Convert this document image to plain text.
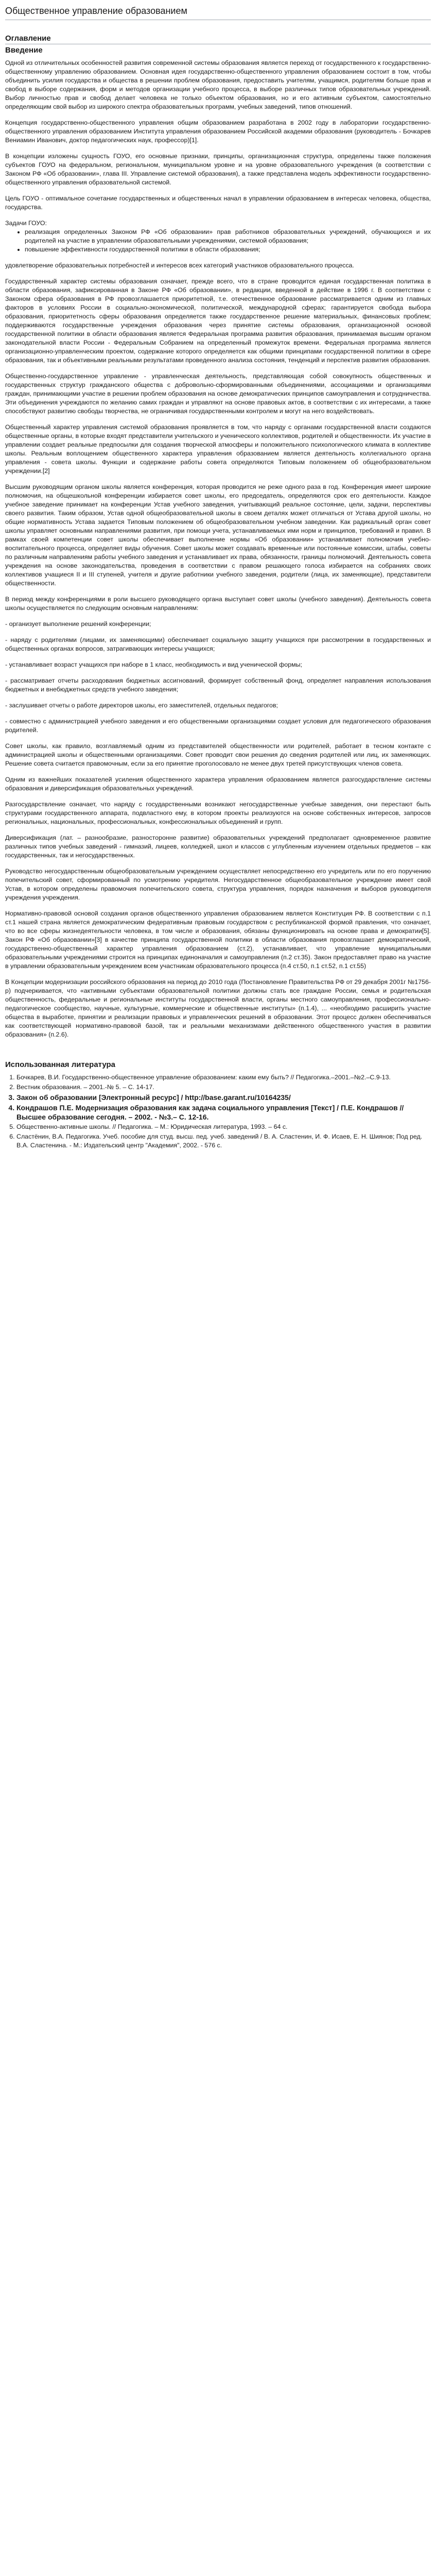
Общественное управление образованием
Оглавление
Введение

Одной из отличительных особенностей развития современной системы образования является переход от государственного к государственно-общественному управлению образованием. Основная идея государственно-общественного управления образованием состоит в том, чтобы объединить усилия государства и общества в решении проблем образования, предоставить учителям, учащимся, родителям больше прав и свобод в выборе содержания, форм и методов организации учебного процесса, в выборе различных типов образовательных учреждений. Выбор личностью прав и свобод делает человека не только объектом образования, но и его активным субъектом, самостоятельно определяющим свой выбор из широкого спектра образовательных программ, учебных заведений, типов отношений.

Концепция государственно-общественного управления общим образованием разработана в 2002 году в лаборатории государственно-общественного управления образованием Институтa управления образованием Российской академии образования (руководитель - Бочкарев Вениамин Иванович, доктор педагогических наук, профессор)[1].

В концепции изложены сущность ГОУО, его основные признаки, принципы, организационная структура, определены также положения субъектов ГОУО на федеральном, региональном, муниципальном уровне и на уровне образовательного учреждения (в соответствии с Законом РФ «Об образовании», глава III. Управление системой образования), а также представлена модель эффективности государственно-общественного управления образовательной системой.

Цель ГОУО - оптимальное сочетание государственных и общественных начал в управлении образованием в интересах человека, общества, государства.

Задачи ГОУО:

• реализация определенных Законом РФ «Об образовании» прав работников образовательных учреждений, обучающихся и их родителей на участие в управлении образовательными учреждениями, системой образования;
• повышение эффективности государственной политики в области образования;

удовлетворение образовательных потребностей и интересов всех категорий участников образовательного процесса.

Государственный характер системы образования означает, прежде всего, что в стране проводится единая государственная политика в области образования, зафиксированная в Законе РФ «Об образовании», в редакции, введенной в действие в 1996 г. В соответствии с Законом сфера образования в РФ провозглашается приоритетной, т.е. отечественное образование рассматривается одним из главных факторов в условиях России в социально-экономической, политической, международной сферах; гарантируется свобода выбора образования, приоритетность сферы образования определяется также государственное решение материальных, финансовых проблем; поддерживаются государственные учреждения образования через принятие системы образования, организационной основой государственной политики в области образования является Федеральная программа развития образования, принимаемая высшим органом законодательной власти России - Федеральным Собранием на определенный промежуток времени. Федеральная программа является организационно-управленческим проектом, содержание которого определяется как общими принципами государственной политики в сфере образования, так и объективными реальными результатами проведенного анализа состояния, тенденций и перспектив развития образования.

Общественно-государственное управление - управленческая деятельность, представляющая собой совокупность общественных и государственных структур гражданского общества с добровольно-сформированными объединениями, ассоциациями и организациями граждан, принимающими участие в решении проблем образования на основе демократических принципов самоуправления и сотрудничества. Эти объединения учреждаются по желанию самих граждан и управляют на основе правовых актов, в соответствии с их интересами, а также способствуют развитию свободы творчества, не ограничивая государственными контролем и могут на него воздействовать.

Общественный характер управления системой образования проявляется в том, что наряду с органами государственной власти создаются общественные органы, в которые входят представители учительского и ученического коллективов, родителей и общественности. Их участие в управлении создает реальные предпосылки для создания творческой атмосферы и положительного психологического климата в коллективе школы. Реальным воплощением общественного характера управления образованием является деятельность коллегиального органа управления - совета школы. Функции и содержание работы совета определяются Типовым положением об общеобразовательном учреждении.[2]

Высшим руководящим органом школы является конференция, которая проводится не реже одного раза в год. Конференция имеет широкие полномочия, на общешкольной конференции избирается совет школы, его председатель, определяются срок его деятельности. Каждое учебное заведение принимает на конференции Устав учебного заведения, учитывающий реальное состояние, цели, задачи, перспективы своего развития. Таким образом, Устав одной общеобразовательной школы в своем деталях может отличаться от Устава другой школы, но общие нормативность Устава задается Типовым положением об общеобразовательном учебном заведении. Как радикальный орган совет школы управляет основными направлениями развития, при помощи учета, устанавливаемых ими норм и принципов, требований и правил. В рамках своей компетенции совет школы обеспечивает выполнение нормы «Об образовании» устанавливает полномочия учебно-воспитательного процесса, определяет виды обучения. Совет школы может создавать временные или постоянные комиссии, штабы, советы по различным направлениям работы учебного заведения и устанавливает их права, обязанности, границы полномочий. Деятельность совета учреждения на основе законодательства, проведения в соответствии с правом решающего голоса избирается на собраниях своих коллективов учащиеся II и III ступеней, учителя и другие работники учебного заведения, родители (лица, их заменяющие), представители общественности.

В период между конференциями в роли высшего руководящего органа выступает совет школы (учебного заведения). Деятельность совета школы осуществляется по следующим основным направлениям:

- организует выполнение решений конференции;

- наряду с родителями (лицами, их заменяющими) обеспечивает социальную защиту учащихся при рассмотрении в государственных и общественных органах вопросов, затрагивающих интересы учащихся;

- устанавливает возраст учащихся при наборе в 1 класс, необходимость и вид ученической формы;

- рассматривает отчеты расходования бюджетных ассигнований, формирует собственный фонд, определяет направления использования бюджетных и внебюджетных средств учебного заведения;

- заслушивает отчеты о работе директоров школы, его заместителей, отдельных педагогов;

- совместно с администрацией учебного заведения и его общественными организациями создает условия для педагогического образования родителей.

Совет школы, как правило, возглавляемый одним из представителей общественности или родителей, работает в тесном контакте с администрацией школы и общественными организациями. Совет проводит свои решения до сведения родителей или лиц, их заменяющих. Решение совета считается правомочным, если за его принятие проголосовало не менее двух третей присутствующих членов совета.

Одним из важнейших показателей усиления общественного характера управления образованием является разгосударствление системы образования и диверсификация образовательных учреждений.

Разгосударствление означает, что наряду с государственными возникают негосударственные учебные заведения, они перестают быть структурами государственного аппарата, подвластного ему, в котором проекты реализуются на основе собственных интересов, запросов региональных, национальных, профессиональных, конфессиональных объединений и групп.

Диверсификация (лат. – разнообразие, разносторонне развитие) образовательных учреждений предполагает одновременное развитие различных типов учебных заведений - гимназий, лицеев, колледжей, школ и классов с углубленным изучением отдельных предметов – как государственных, так и негосударственных.

Руководство негосударственным общеобразовательным учреждением осуществляет непосредственно его учредитель или по его поручению попечительский совет, сформированный по усмотрению учредителя. Негосударственное общеобразовательное учреждение имеет свой Устав, в котором определены правомочия попечительского совета, структура управления, порядок назначения и выборов руководителя учреждения учреждения.

Нормативно-правовой основой создания органов общественного управления образованием является Конституция РФ. В соответствии с п.1 ст.1 нашей страна является демократическим федеративным правовым государством с республиканской формой правления, что означает, что во все сферы жизнедеятельности человека, в том числе и образования, обязаны функционировать на основе права и демократии[5]. Закон РФ «Об образовании»[3] в качестве принципа государственной политики в области образования провозглашает демократический, государственно-общественный характер управления образованием (ст.2), устанавливает, что управление муниципальными образовательными учреждениями строится на принципах единоначалия и самоуправления (п.2 ст.35). Закон предоставляет право на участие в управлении образовательным учреждением всем участникам образовательного процесса (п.4 ст.50, п.1 ст.52, п.1 ст.55)

В Концепции модернизации российского образования на период до 2010 года (Постановление Правительства РФ от 29 декабря 2001г №1756-р) подчеркивается, что «активными субъектами образовательной политики должны стать все граждане России, семья и родительская общественность, федеральные и региональные институты государственной власти, органы местного самоуправления, профессионально-педагогическое сообщество, научные, культурные, коммерческие и общественные институты» (п.1.4), ... «необходимо расширить участие общества в выработке, принятии и реализации правовых и управленческих решений в образовании. Этот процесс должен обеспечиваться как соответствующей нормативно-правовой базой, так и реальными механизмами действенного общественного участия в развитии образования» (п.2.6).

Использованная литература
1. Бочкарев, В.И. Государственно-общественное управление образованием: каким ему быть? // Педагогика.–2001.–№2.–С.9-13.
2. Вестник образования. – 2001.-№ 5. – С. 14-17.
3. Закон об образовании [Электронный ресурс] / http://base.garant.ru/10164235/
4. Кондрашов П.Е. Модернизация образования как задача социального управления [Текст] / П.Е. Кондрашов // Высшее образование сегодня. – 2002. - №3.– С. 12-16.
5. Общественно-активные школы. // Педагогика. – М.: Юридическая литература, 1993. – 64 с.
6. Сластёнин, В.А. Педагогика. Учеб. пособие для студ. высш. пед. учеб. заведений / В. А. Сластенин, И. Ф. Исаев, Е. Н. Шиянов; Под ред. В.А. Сластенина. - М.: Издательский центр "Академия", 2002. - 576 с.
